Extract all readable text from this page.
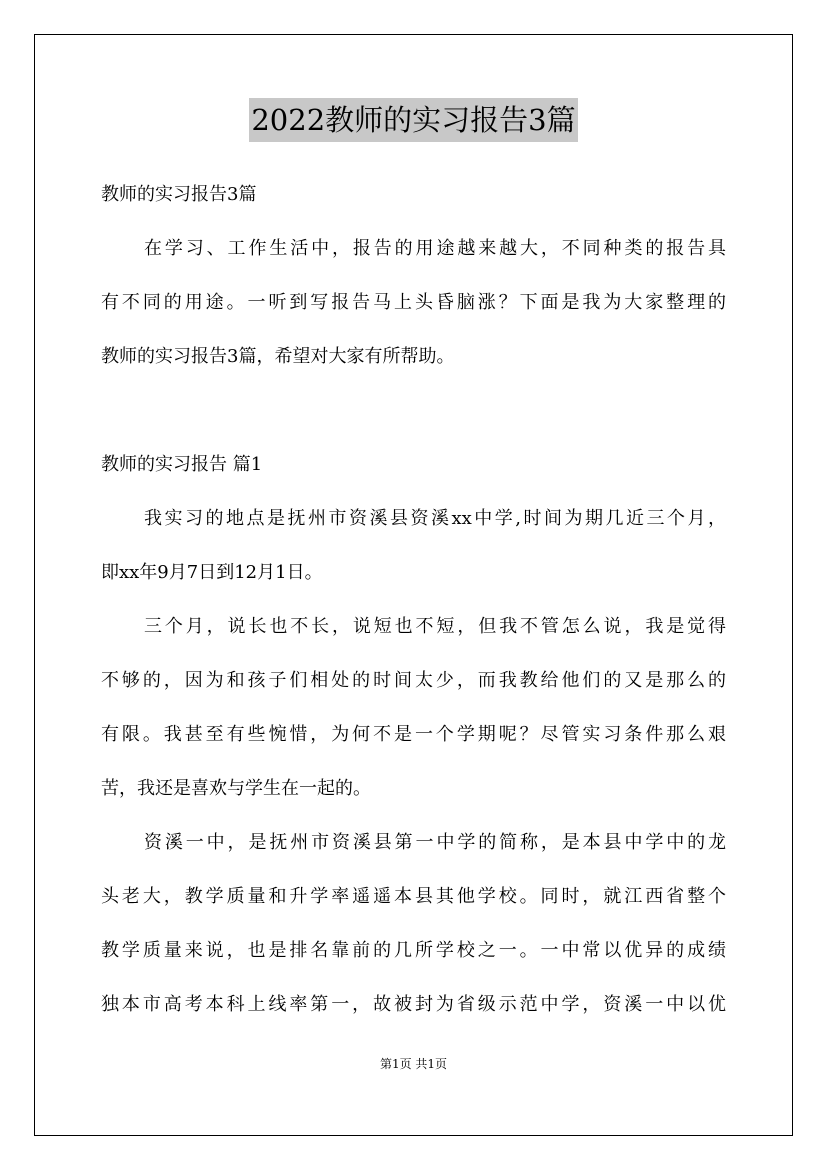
2022教师的实习报告3篇
教师的实习报告3篇
在学习、工作生活中，报告的用途越来越大，不同种类的报告具
有不同的用途。一听到写报告马上头昏脑涨？下面是我为大家整理的
教师的实习报告3篇，希望对大家有所帮助。
教师的实习报告 篇1
我实习的地点是抚州市资溪县资溪xx中学,时间为期几近三个月，
即xx年9月7日到12月1日。
三个月，说长也不长，说短也不短，但我不管怎么说，我是觉得
不够的，因为和孩子们相处的时间太少，而我教给他们的又是那么的
有限。我甚至有些惋惜，为何不是一个学期呢？尽管实习条件那么艰
苦，我还是喜欢与学生在一起的。
资溪一中，是抚州市资溪县第一中学的简称，是本县中学中的龙
头老大，教学质量和升学率遥遥本县其他学校。同时，就江西省整个
教学质量来说，也是排名靠前的几所学校之一。一中常以优异的成绩
独本市高考本科上线率第一，故被封为省级示范中学，资溪一中以优
第1页 共1页
